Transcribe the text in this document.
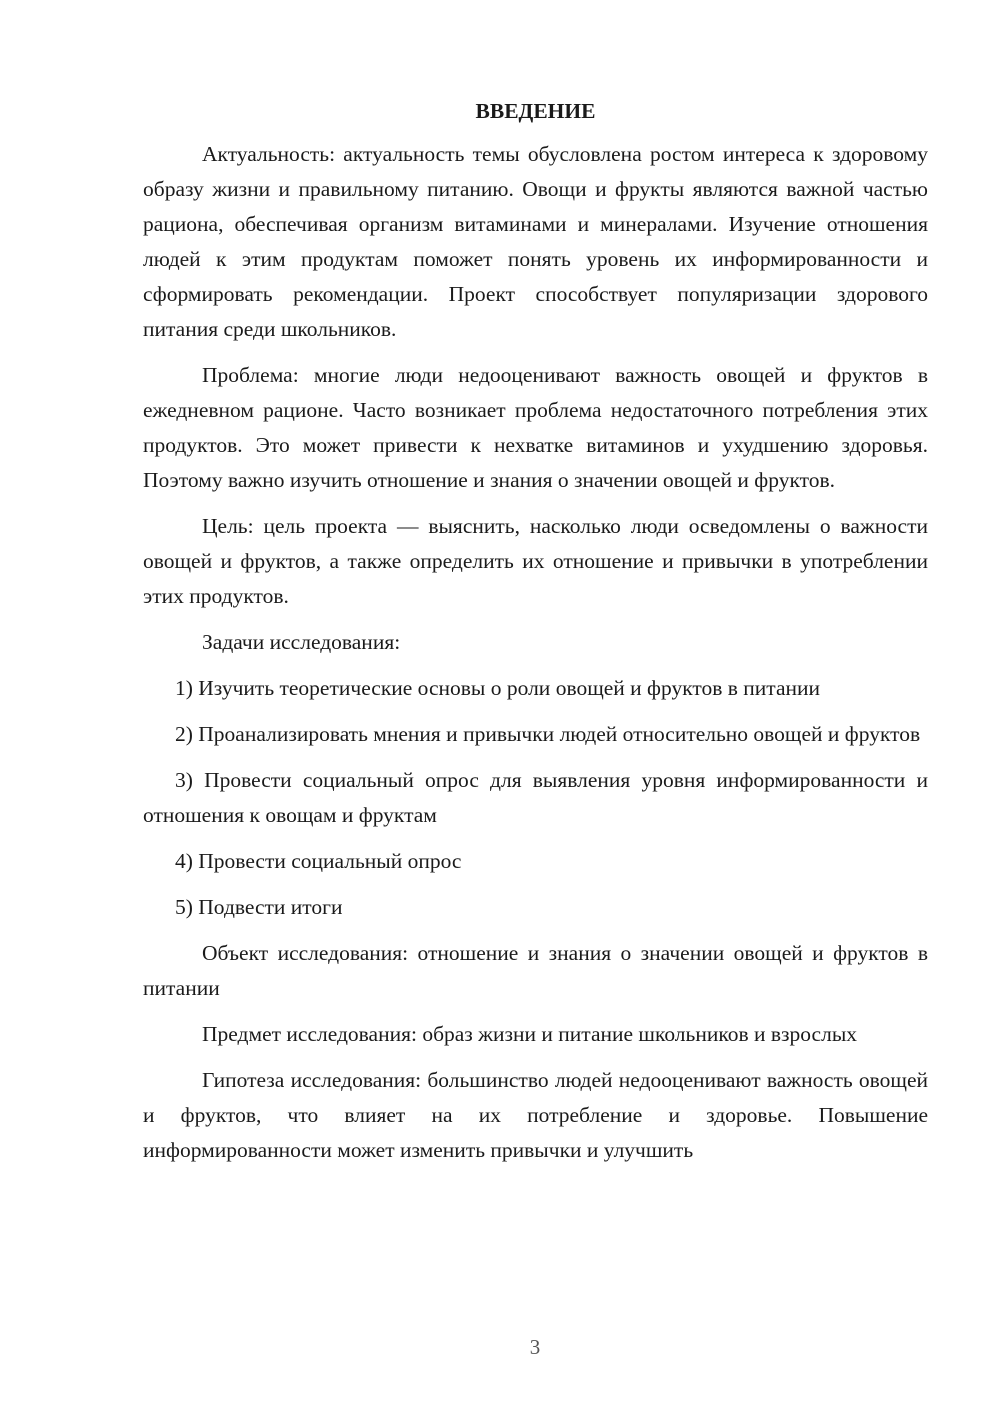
ВВЕДЕНИЕ

Актуальность: актуальность темы обусловлена ростом интереса к здоровому образу жизни и правильному питанию. Овощи и фрукты являются важной частью рациона, обеспечивая организм витаминами и минералами. Изучение отношения людей к этим продуктам поможет понять уровень их информированности и сформировать рекомендации. Проект способствует популяризации здорового питания среди школьников.

Проблема: многие люди недооценивают важность овощей и фруктов в ежедневном рационе. Часто возникает проблема недостаточного потребления этих продуктов. Это может привести к нехватке витаминов и ухудшению здоровья. Поэтому важно изучить отношение и знания о значении овощей и фруктов.

Цель: цель проекта — выяснить, насколько люди осведомлены о важности овощей и фруктов, а также определить их отношение и привычки в употреблении этих продуктов.

Задачи исследования:

1) Изучить теоретические основы о роли овощей и фруктов в питании

2) Проанализировать мнения и привычки людей относительно овощей и фруктов

3) Провести социальный опрос для выявления уровня информированности и отношения к овощам и фруктам

4) Провести социальный опрос

5) Подвести итоги

Объект исследования: отношение и знания о значении овощей и фруктов в питании

Предмет исследования: образ жизни и питание школьников и взрослых

Гипотеза исследования: большинство людей недооценивают важность овощей и фруктов, что влияет на их потребление и здоровье. Повышение информированности может изменить привычки и улучшить

3
